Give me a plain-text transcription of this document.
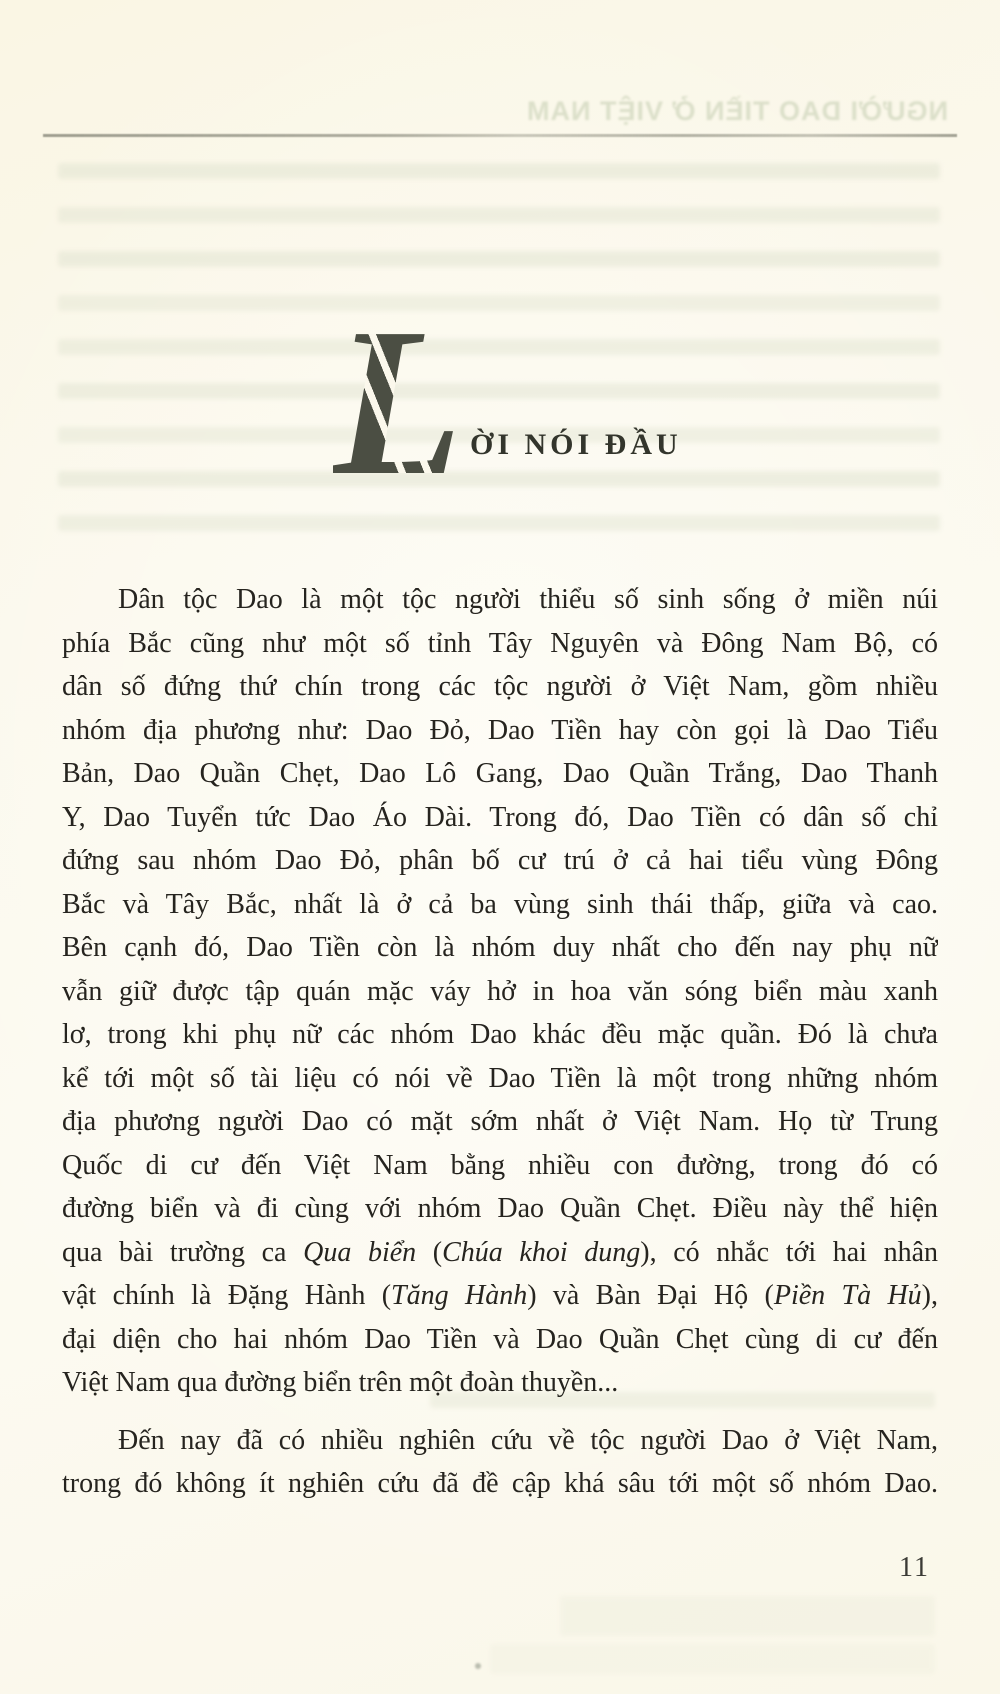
NGƯỜI DAO TIỀN Ở VIỆT NAM
L ỜI NÓI ĐẦU
Dân tộc Dao là một tộc người thiểu số sinh sống ở miền núi
phía Bắc cũng như một số tỉnh Tây Nguyên và Đông Nam Bộ, có
dân số đứng thứ chín trong các tộc người ở Việt Nam, gồm nhiều
nhóm địa phương như: Dao Đỏ, Dao Tiền hay còn gọi là Dao Tiểu
Bản, Dao Quần Chẹt, Dao Lô Gang, Dao Quần Trắng, Dao Thanh
Y, Dao Tuyển tức Dao Áo Dài. Trong đó, Dao Tiền có dân số chỉ
đứng sau nhóm Dao Đỏ, phân bố cư trú ở cả hai tiểu vùng Đông
Bắc và Tây Bắc, nhất là ở cả ba vùng sinh thái thấp, giữa và cao.
Bên cạnh đó, Dao Tiền còn là nhóm duy nhất cho đến nay phụ nữ
vẫn giữ được tập quán mặc váy hở in hoa văn sóng biển màu xanh
lơ, trong khi phụ nữ các nhóm Dao khác đều mặc quần. Đó là chưa
kể tới một số tài liệu có nói về Dao Tiền là một trong những nhóm
địa phương người Dao có mặt sớm nhất ở Việt Nam. Họ từ Trung
Quốc di cư đến Việt Nam bằng nhiều con đường, trong đó có
đường biển và đi cùng với nhóm Dao Quần Chẹt. Điều này thể hiện
qua bài trường ca Qua biển (Chúa khoi dung), có nhắc tới hai nhân
vật chính là Đặng Hành (Tăng Hành) và Bàn Đại Hộ (Piền Tà Hủ),
đại diện cho hai nhóm Dao Tiền và Dao Quần Chẹt cùng di cư đến
Việt Nam qua đường biển trên một đoàn thuyền...
Đến nay đã có nhiều nghiên cứu về tộc người Dao ở Việt Nam,
trong đó không ít nghiên cứu đã đề cập khá sâu tới một số nhóm Dao.
11
